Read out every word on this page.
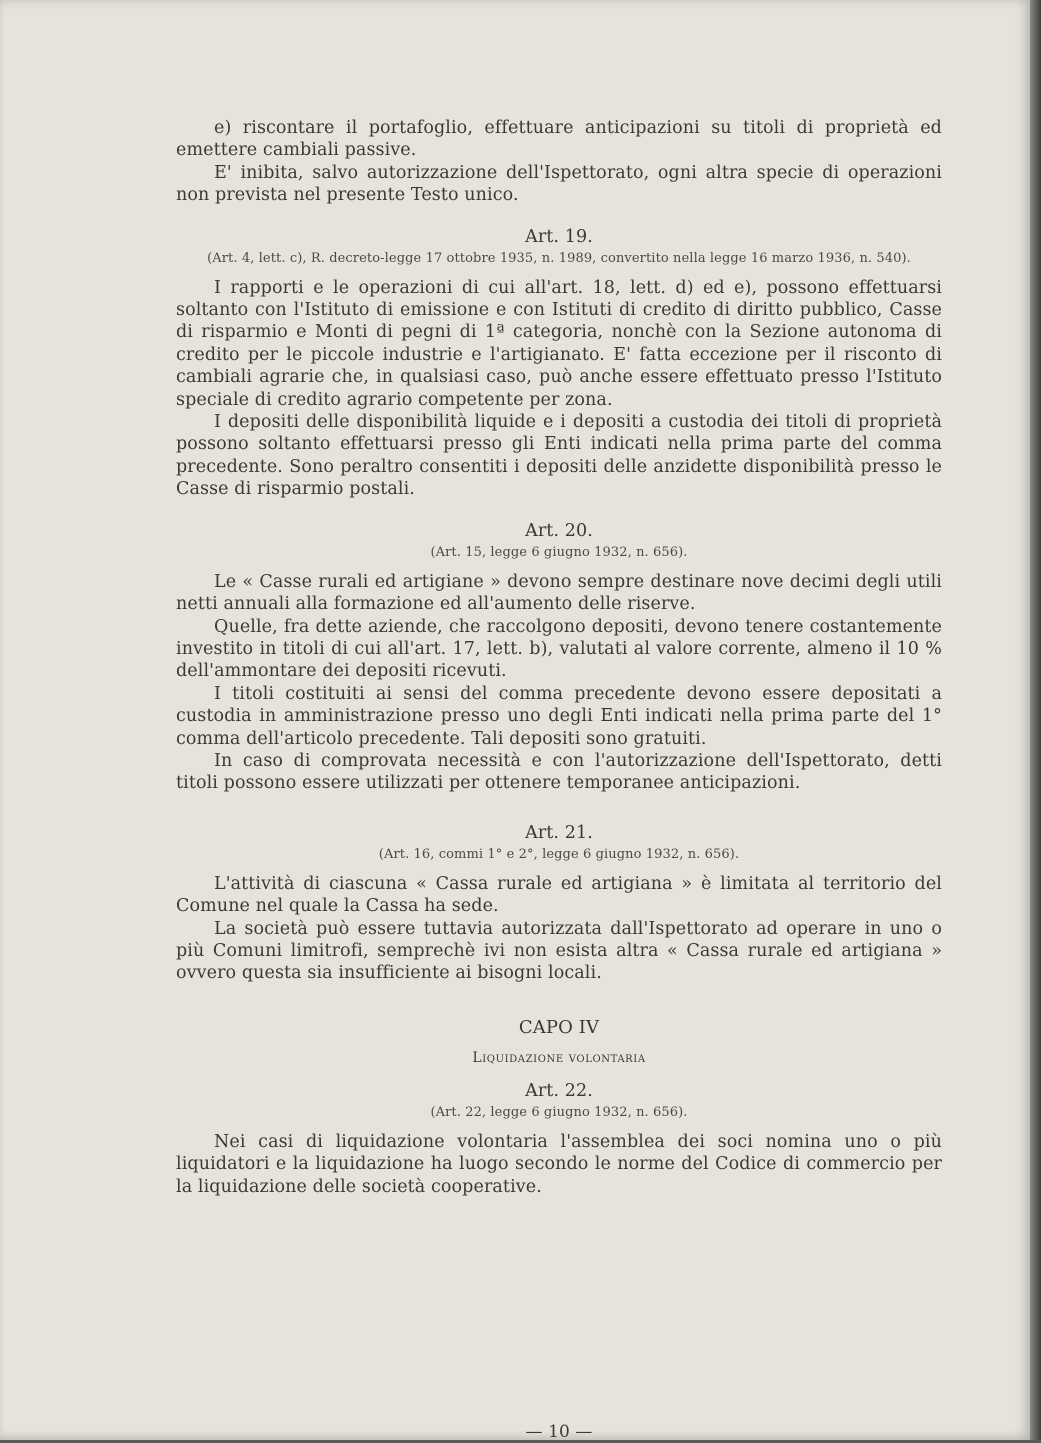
e) riscontare il portafoglio, effettuare anticipazioni su titoli di proprietà ed emettere cambiali passive.

E' inibita, salvo autorizzazione dell'Ispettorato, ogni altra specie di operazioni non prevista nel presente Testo unico.

Art. 19.
(Art. 4, lett. c), R. decreto-legge 17 ottobre 1935, n. 1989, convertito nella legge 16 marzo 1936, n. 540).

I rapporti e le operazioni di cui all'art. 18, lett. d) ed e), possono effettuarsi soltanto con l'Istituto di emissione e con Istituti di credito di diritto pubblico, Casse di risparmio e Monti di pegni di 1ª categoria, nonchè con la Sezione autonoma di credito per le piccole industrie e l'artigianato. E' fatta eccezione per il risconto di cambiali agrarie che, in qualsiasi caso, può anche essere effettuato presso l'Istituto speciale di credito agrario competente per zona.

I depositi delle disponibilità liquide e i depositi a custodia dei titoli di proprietà possono soltanto effettuarsi presso gli Enti indicati nella prima parte del comma precedente. Sono peraltro consentiti i depositi delle anzidette disponibilità presso le Casse di risparmio postali.

Art. 20.
(Art. 15, legge 6 giugno 1932, n. 656).

Le « Casse rurali ed artigiane » devono sempre destinare nove decimi degli utili netti annuali alla formazione ed all'aumento delle riserve.

Quelle, fra dette aziende, che raccolgono depositi, devono tenere costantemente investito in titoli di cui all'art. 17, lett. b), valutati al valore corrente, almeno il 10 % dell'ammontare dei depositi ricevuti.

I titoli costituiti ai sensi del comma precedente devono essere depositati a custodia in amministrazione presso uno degli Enti indicati nella prima parte del 1° comma dell'articolo precedente. Tali depositi sono gratuiti.

In caso di comprovata necessità e con l'autorizzazione dell'Ispettorato, detti titoli possono essere utilizzati per ottenere temporanee anticipazioni.

Art. 21.
(Art. 16, commi 1° e 2°, legge 6 giugno 1932, n. 656).

L'attività di ciascuna « Cassa rurale ed artigiana » è limitata al territorio del Comune nel quale la Cassa ha sede.

La società può essere tuttavia autorizzata dall'Ispettorato ad operare in uno o più Comuni limitrofi, semprechè ivi non esista altra « Cassa rurale ed artigiana » ovvero questa sia insufficiente ai bisogni locali.

CAPO IV
Liquidazione volontaria
Art. 22.
(Art. 22, legge 6 giugno 1932, n. 656).

Nei casi di liquidazione volontaria l'assemblea dei soci nomina uno o più liquidatori e la liquidazione ha luogo secondo le norme del Codice di commercio per la liquidazione delle società cooperative.

— 10 —
